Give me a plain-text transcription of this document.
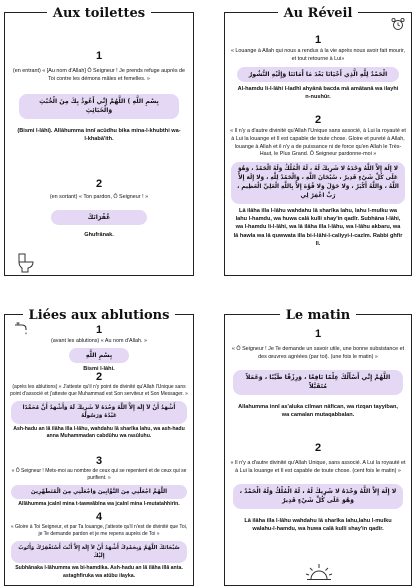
Aux toilettes
1
(en entrant) « [Au nom d'Allah] Ô Seigneur ! Je prends refuge auprès de Toi contre les démons mâles et femelles. »
بِسْمِ اللَّهِ ) اللَّهُمَّ إِنِّي أَعُوذُ بِكَ مِنَ الْخُبُثِ وَالْخَبَائِثِ
(Bismi l-lâhi). Allâhumma innî acûdhu bika mina-l-khubthi wa-l-khabâ'ith.
2
(en sortant) « Ton pardon, Ô Seigneur ! »
غُفْرَانَكَ
Ghufrânak.
Au Réveil
1
« Louange à Allah qui nous a rendus à la vie après nous avoir fait mourir, et tout retourne à Lui»
الْحَمْدُ لِلَّهِ الَّذِي أَحْيَانَا بَعْدَ مَا أَمَاتَنَا وَإِلَيْهِ النُّشُورُ
Al-hamdu li-l-lâhi l-ladhî ahyânâ bacda mâ amâtanâ wa ilayhi n-nushûr.
2
« Il n'y a d'autre divinité qu'Allah l'Unique sans associé, à Lui la royauté et à Lui la louange et Il est capable de toute chose. Gloire et pureté à Allah, louange à Allah et il n'y a de puissance ni de force qu'en Allah le Très-Haut, le Plus Grand. Ô Seigneur pardonne-moi »
لا إِلَهَ إِلاَّ اللَّهُ وَحْدَهُ لا شَرِيكَ لَهُ ، لَهُ الْمُلْكُ وَلَهُ الْحَمْدُ ، وَهُوَ عَلَى كُلِّ شَيْءٍ قَدِيرٌ ، سُبْحَانَ اللَّهِ ، وَالْحَمْدُ لِلَّهِ ، وَلا إِلَهَ إِلاَّ اللَّهُ ، وَاللَّهُ أَكْبَرُ ، وَلا حَوْلَ وَلا قُوَّةَ إِلاَّ بِاللَّهِ الْعَلِيِّ الْعَظِيمِ ، رَبِّ اغْفِرْ لِي
Lâ ilâha illa l-lâhu wahdahu lâ sharîka lahu, lahu l-mulku wa lahu l-hamdu, wa huwa calâ kulli shay'in qadîr. Subhâna l-lâhi, wa l-hamdu li-l-lâhi, wa lâ ilâha illa l-lâhu, wa l-lâhu akbaru, wa lâ hawla wa lâ quwwata illa bi-l-lâhi-l-caliyyi-l-cazîm. Rabbi ghfir lî.
Liées aux ablutions
1
(avant les ablutions) « Au nom d'Allah. »
بِسْمِ اللَّهِ
Bismi l-lâhi.
2
(après les ablutions) « J'atteste qu'il n'y point de divinité qu'Allah l'Unique sans point d'associé et j'atteste que Muhammad est Son serviteur et Son Messager. »
أَشْهَدُ أَنْ لاَ إِلَهَ إِلاَّ اللَّهُ وَحْدَهُ لاَ شَرِيكَ لَهُ وَأَشْهَدُ أَنَّ مُحَمَّدًا عَبْدُهُ وَرَسُولُهُ
Ash-hadu an lâ ilâha illa l-lâhu, wahdahu lâ sharîka lahu, wa ash-hadu anna Muhammadan cabdûhu wa rasûluhu.
3
« Ô Seigneur ! Mets-moi au nombre de ceux qui se repentent et de ceux qui se purifient. »
اللَّهُمَّ اجْعَلْنِي مِنَ التَّوَّابِينَ وَاجْعَلْنِي مِنَ الْمُتَطَهِّرِينَ
Allâhumma jcalnî mina t-tawwâbîna wa jcalnî mina l-mutatahhirîn.
4
« Gloire à Toi Seigneur, et par Ta louange, j'atteste qu'il n'est de divinité que Toi, je Te demande pardon et je me repens auprès de Toi »
سُبْحَانَكَ اللَّهُمَّ وَبِحَمْدِكَ أَشْهَدُ أَنْ لاَ إِلَهَ إِلاَّ أَنْتَ أَسْتَغْفِرُكَ وَأَتُوبُ إِلَيْكَ
Subhânaka l-lâhumma wa bi-hamdika. Ash-hadu an lâ ilâha illâ anta. astaghfiruka wa atûbu ilayka.
Le matin
1
« Ô Seigneur ! Je Te demande un savoir utile, une bonne subsistance et des œuvres agréées (par toi). (une fois le matin) »
اللَّهُمَّ إِنِّي أَسْأَلُكَ عِلْمًا نَافِعًا ، وَرِزْقًا طَيِّبًا ، وَعَمَلاً مُتَقَبَّلاً
Allahumma innî as'aluka cilman nâfican, wa rizqan tayyiban, wa camalan mutaqabbalan.
2
« Il n'y a d'autre divinité qu'Allah Unique, sans associé. A Lui la royauté et à Lui la louange et Il est capable de toute chose. (cent fois le matin) »
لا إِلَهَ إِلاَّ اللَّهُ وَحْدَهُ لا شَرِيكَ لَهُ ، لَهُ الْمُلْكُ وَلَهُ الْحَمْدُ ، وَهُوَ عَلَى كُلِّ شَيْءٍ قَدِيرٌ
Lâ ilâha illa l-lâhu wahdahu lâ sharîka lahu,lahu l-mulku walahu-l-hamdu, wa huwa calâ kulli shay'in qadîr.
